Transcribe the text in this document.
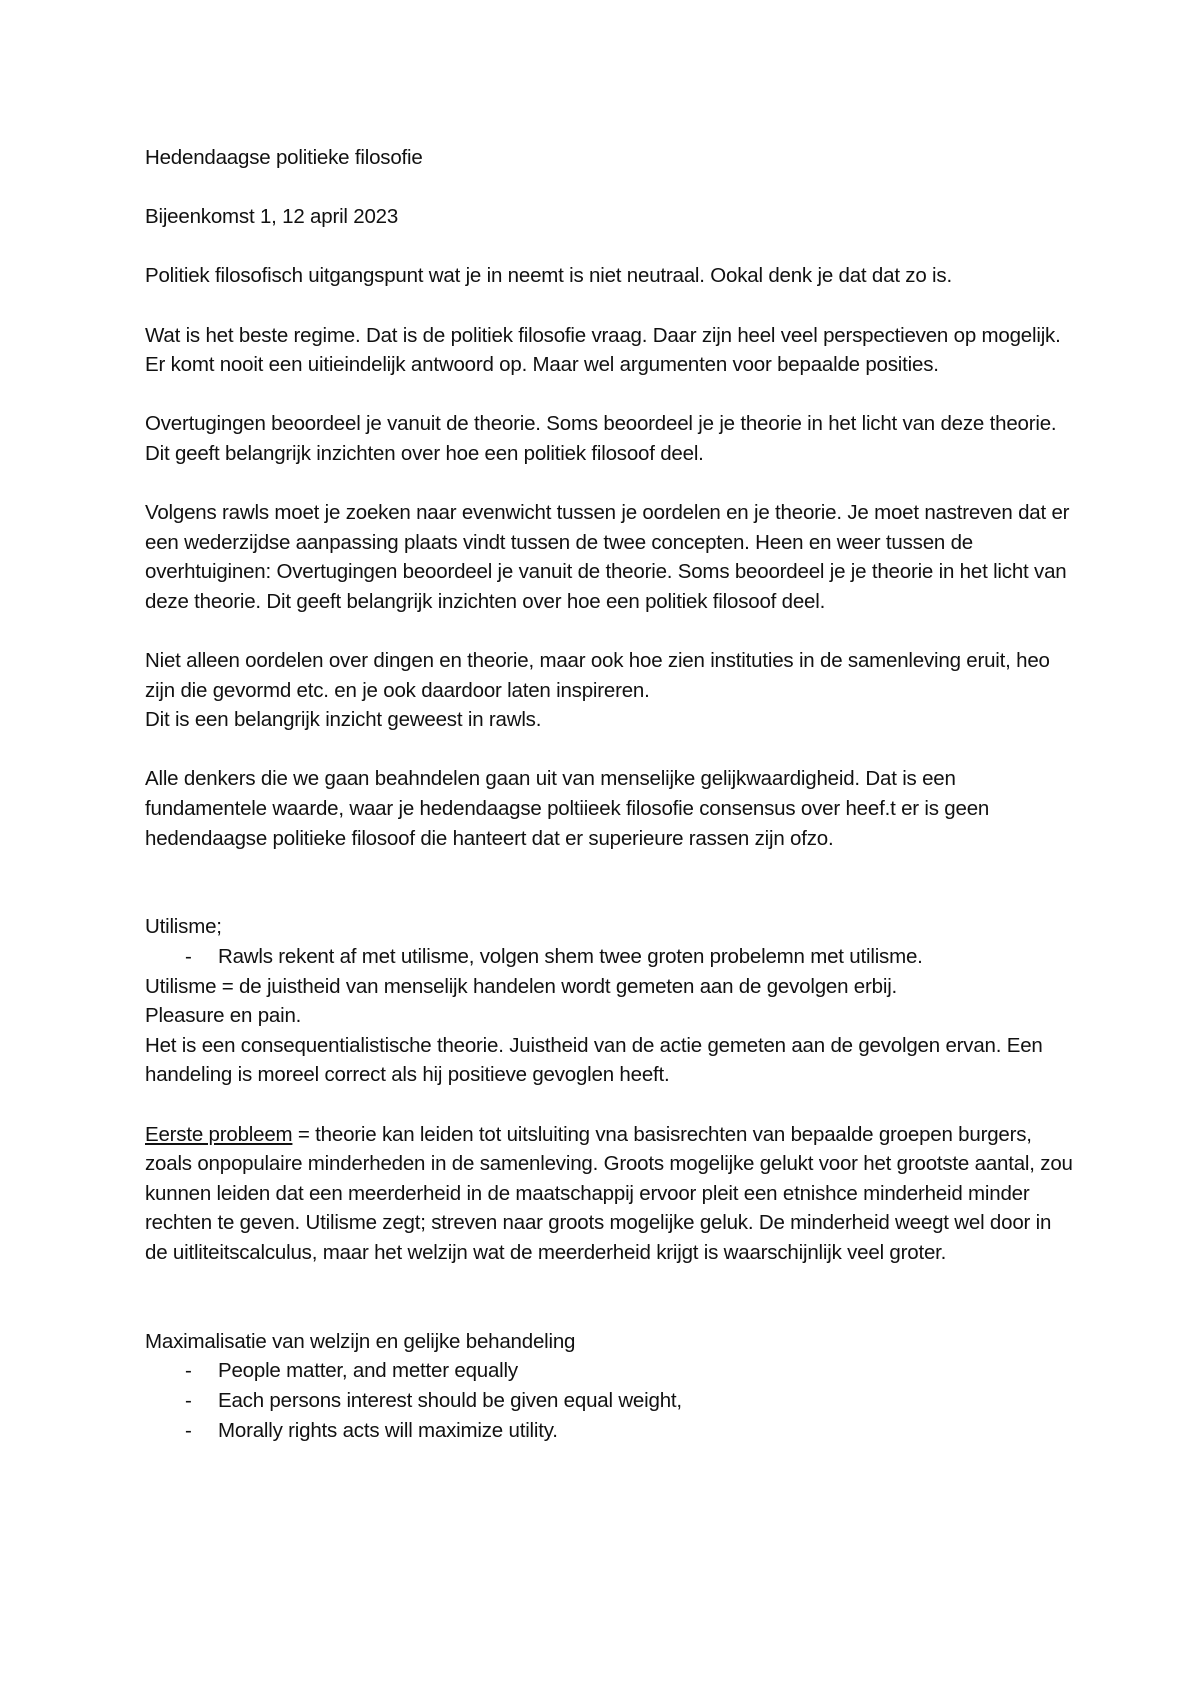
Hedendaagse politieke filosofie

Bijeenkomst 1, 12 april 2023

Politiek filosofisch uitgangspunt wat je in neemt is niet neutraal. Ookal denk je dat dat zo is.

Wat is het beste regime. Dat is de politiek filosofie vraag. Daar zijn heel veel perspectieven op mogelijk. Er komt nooit een uitieindelijk antwoord op. Maar wel argumenten voor bepaalde posities.

Overtugingen beoordeel je vanuit de theorie. Soms beoordeel je je theorie in het licht van deze theorie. Dit geeft belangrijk inzichten over hoe een politiek filosoof deel.

Volgens rawls moet je zoeken naar evenwicht tussen je oordelen en je theorie. Je moet nastreven dat er een wederzijdse aanpassing plaats vindt tussen de twee concepten. Heen en weer tussen de overhtuiginen: Overtugingen beoordeel je vanuit de theorie. Soms beoordeel je je theorie in het licht van deze theorie. Dit geeft belangrijk inzichten over hoe een politiek filosoof deel.

Niet alleen oordelen over dingen en theorie, maar ook hoe zien instituties in de samenleving eruit, heo zijn die gevormd etc. en je ook daardoor laten inspireren.

Dit is een belangrijk inzicht geweest in rawls.

Alle denkers die we gaan beahndelen gaan uit van menselijke gelijkwaardigheid. Dat is een fundamentele waarde, waar je hedendaagse poltiieek filosofie consensus over heef.t er is geen hedendaagse politieke filosoof die hanteert dat er superieure rassen zijn ofzo.

Utilisme;

- Rawls rekent af met utilisme, volgen shem twee groten probelemn met utilisme.

Utilisme = de juistheid van menselijk handelen wordt gemeten aan de gevolgen erbij.

Pleasure en pain.

Het is een consequentialistische theorie. Juistheid van de actie gemeten aan de gevolgen ervan. Een handeling is moreel correct als hij positieve gevoglen heeft.

Eerste probleem = theorie kan leiden tot uitsluiting vna basisrechten van bepaalde groepen burgers, zoals onpopulaire minderheden in de samenleving. Groots mogelijke gelukt voor het grootste aantal, zou kunnen leiden dat een meerderheid in de maatschappij ervoor pleit een etnishce minderheid minder rechten te geven. Utilisme zegt; streven naar groots mogelijke geluk. De minderheid weegt wel door in de uitliteitscalculus, maar het welzijn wat de meerderheid krijgt is waarschijnlijk veel groter.

Maximalisatie van welzijn en gelijke behandeling

- People matter, and metter equally
- Each persons interest should be given equal weight,
- Morally rights acts will maximize utility.
